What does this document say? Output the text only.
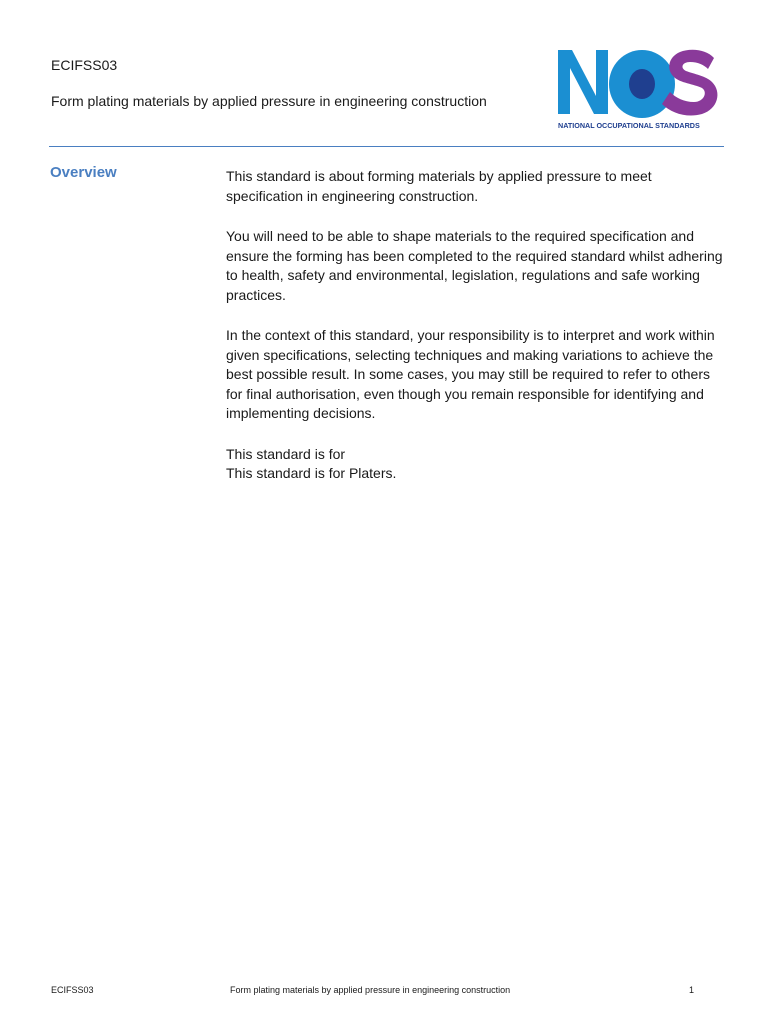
ECIFSS03
Form plating materials by applied pressure in engineering construction
NATIONAL OCCUPATIONAL STANDARDS
Overview	This standard is about forming materials by applied pressure to meet specification in engineering construction.

You will need to be able to shape materials to the required specification and ensure the forming has been completed to the required standard whilst adhering to health, safety and environmental, legislation, regulations and safe working practices.

In the context of this standard, your responsibility is to interpret and work within given specifications, selecting techniques and making variations to achieve the best possible result. In some cases, you may still be required to refer to others for final authorisation, even though you remain responsible for identifying and implementing decisions.

This standard is for
This standard is for Platers.
ECIFSS03	Form plating materials by applied pressure in engineering construction	1
